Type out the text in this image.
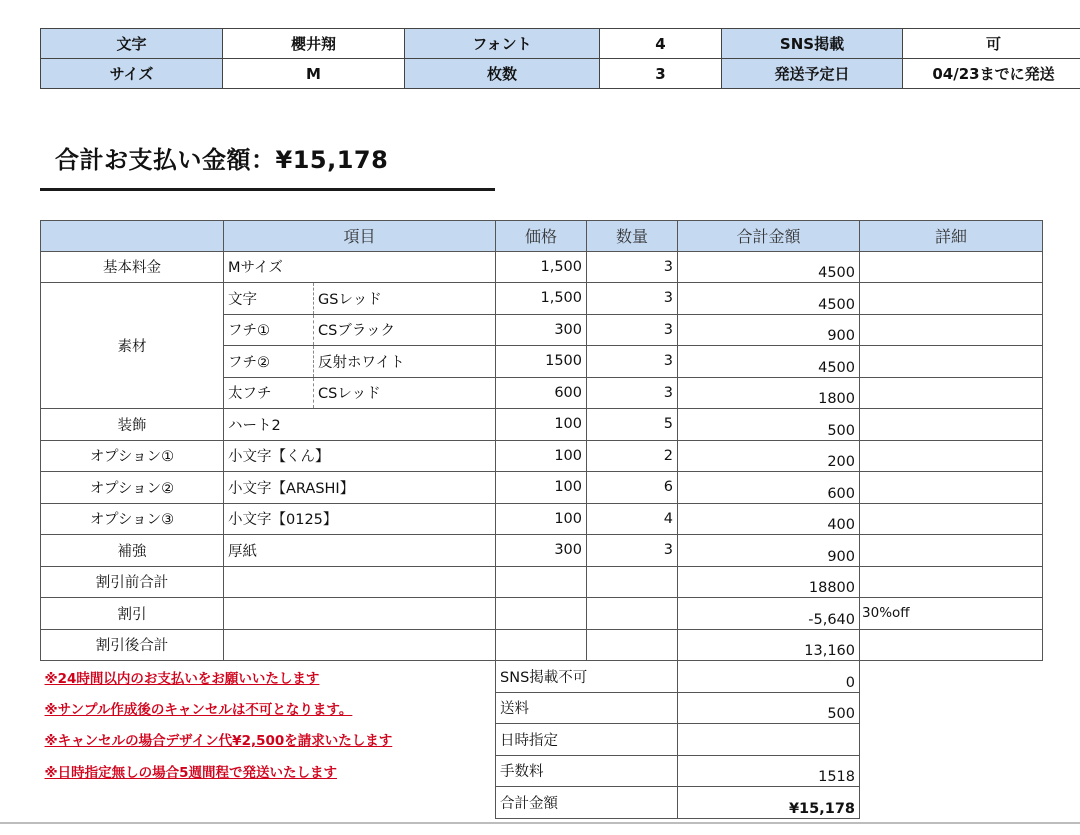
文字	櫻井翔	フォント	4	SNS掲載	可
サイズ	M	枚数	3	発送予定日	04/23までに発送
合計お支払い金額：¥15,178
	項目		価格	数量	合計金額	詳細
基本料金	Mサイズ		1,500	3	4500	
素材	文字	GSレッド	1,500	3	4500	
	フチ①	CSブラック	300	3	900	
	フチ②	反射ホワイト	1500	3	4500	
	太フチ	CSレッド	600	3	1800	
装飾	ハート2		100	5	500	
オプション①	小文字【くん】		100	2	200	
オプション②	小文字【ARASHI】		100	6	600	
オプション③	小文字【0125】		100	4	400	
補強	厚紙		300	3	900	
割引前合計					18800	
割引					-5,640	30%off
割引後合計					13,160	
※24時間以内のお支払いをお願いいたします			SNS掲載不可		0	
※サンプル作成後のキャンセルは不可となります。			送料		500	
※キャンセルの場合デザイン代¥2,500を請求いたします			日時指定			
※日時指定無しの場合5週間程で発送いたします			手数料		1518	
			合計金額		¥15,178	
